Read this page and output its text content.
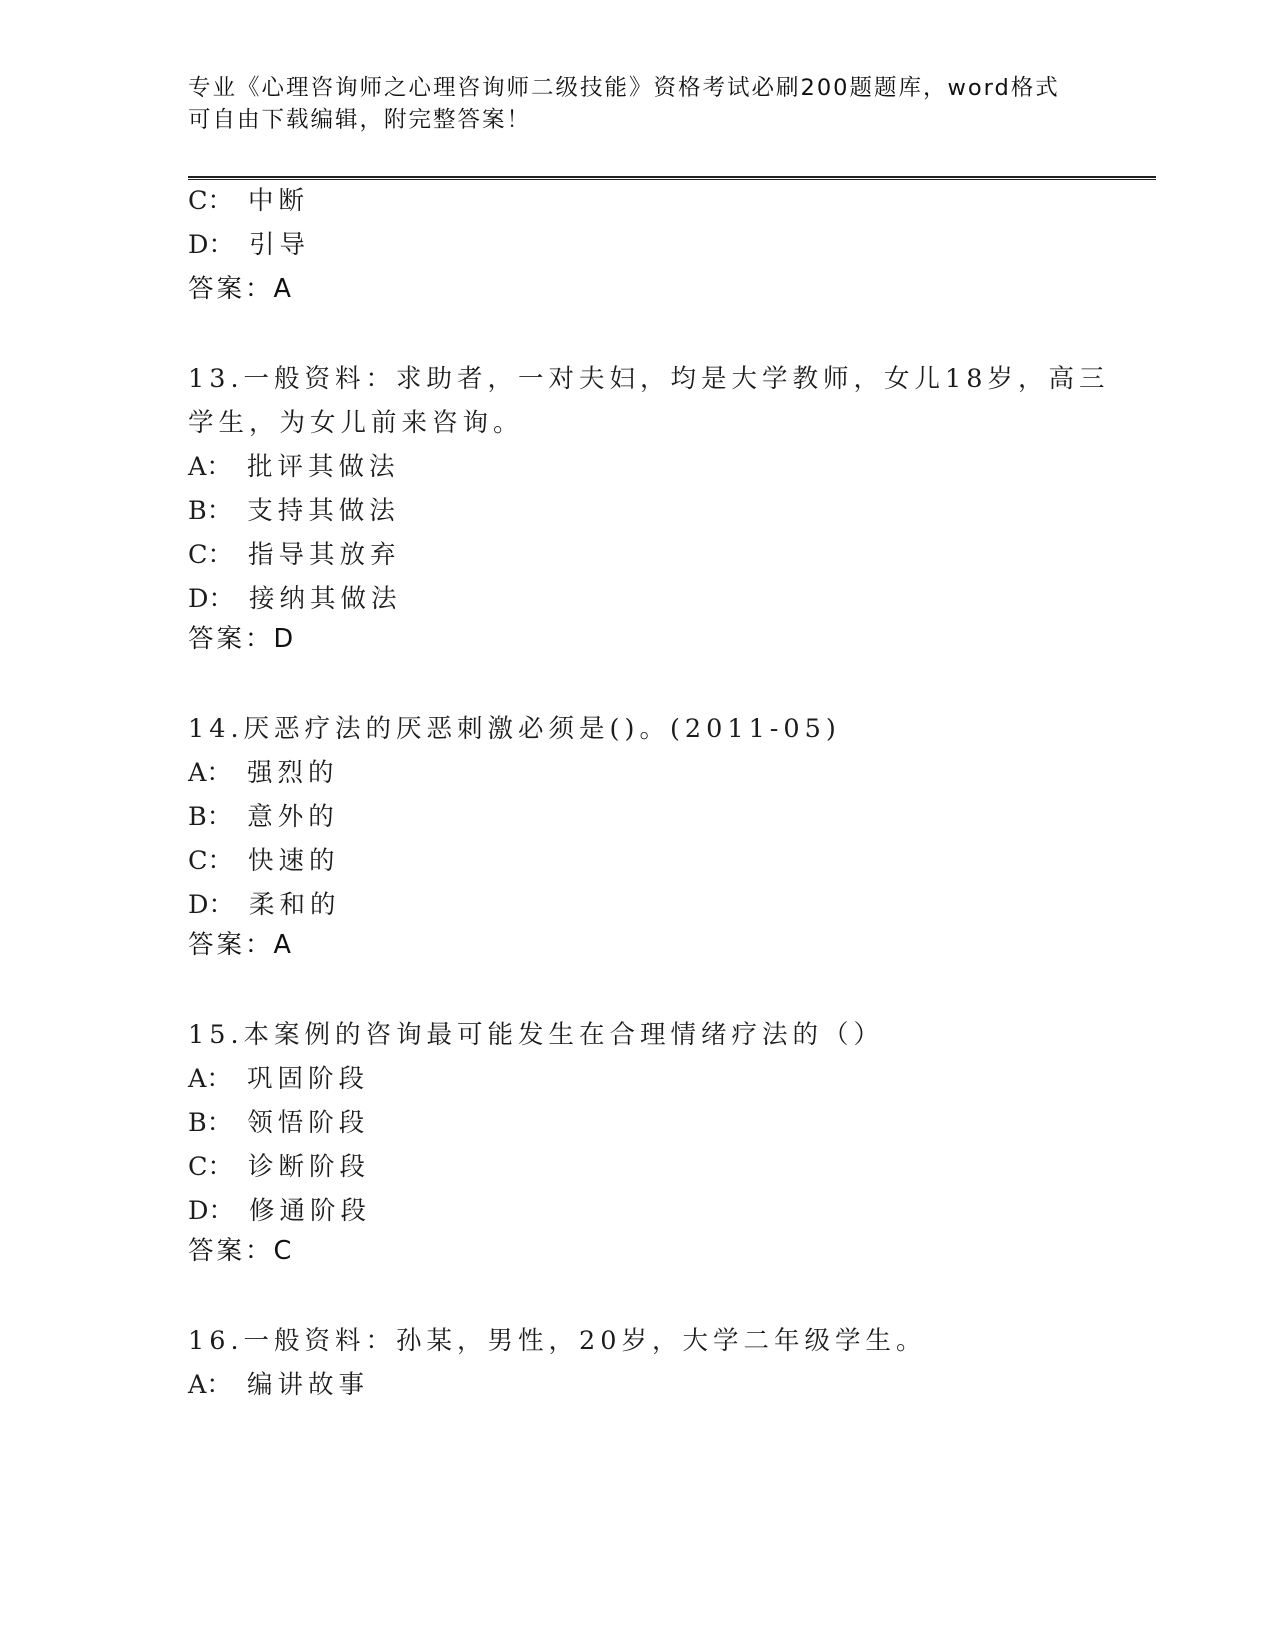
专业《心理咨询师之心理咨询师二级技能》资格考试必刷200题题库，word格式
可自由下载编辑，附完整答案！
C： 中断
D： 引导
答案：A
13.一般资料：求助者，一对夫妇，均是大学教师，女儿18岁，高三
学生，为女儿前来咨询。
A： 批评其做法
B： 支持其做法
C： 指导其放弃
D： 接纳其做法
答案：D
14.厌恶疗法的厌恶刺激必须是()。(2011-05)
A： 强烈的
B： 意外的
C： 快速的
D： 柔和的
答案：A
15.本案例的咨询最可能发生在合理情绪疗法的（）
A： 巩固阶段
B： 领悟阶段
C： 诊断阶段
D： 修通阶段
答案：C
16.一般资料：孙某，男性，20岁，大学二年级学生。
A： 编讲故事
